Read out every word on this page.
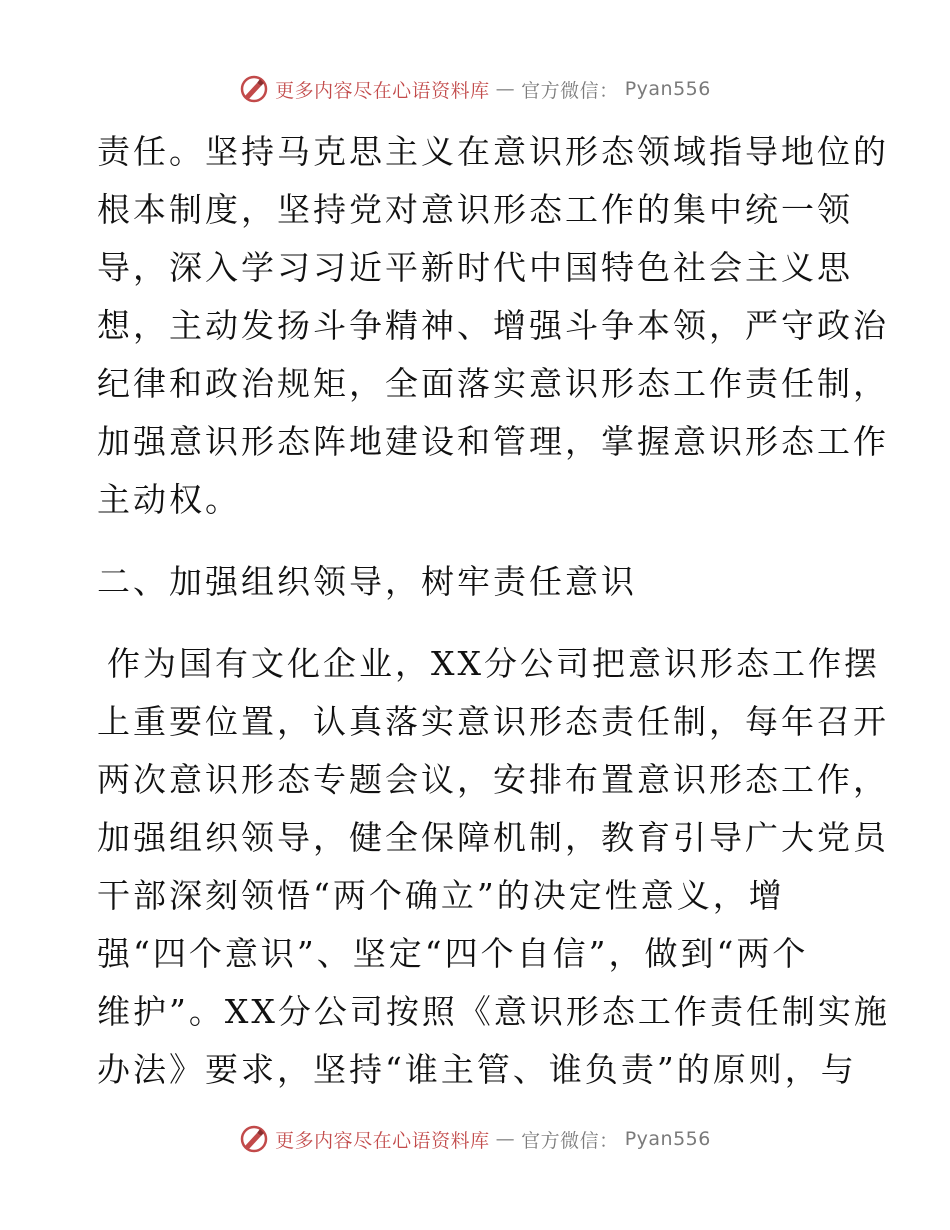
更多内容尽在心语资料库 — 官方微信： Pyan556
责任。坚持马克思主义在意识形态领域指导地位的
根本制度，坚持党对意识形态工作的集中统一领
导，深入学习习近平新时代中国特色社会主义思
想，主动发扬斗争精神、增强斗争本领，严守政治
纪律和政治规矩，全面落实意识形态工作责任制，
加强意识形态阵地建设和管理，掌握意识形态工作
主动权。
二、加强组织领导，树牢责任意识
作为国有文化企业，XX分公司把意识形态工作摆
上重要位置，认真落实意识形态责任制，每年召开
两次意识形态专题会议，安排布置意识形态工作，
加强组织领导，健全保障机制，教育引导广大党员
干部深刻领悟“两个确立”的决定性意义，增
强“四个意识”、坚定“四个自信”，做到“两个
维护”。XX分公司按照《意识形态工作责任制实施
办法》要求，坚持“谁主管、谁负责”的原则，与
更多内容尽在心语资料库 — 官方微信： Pyan556
